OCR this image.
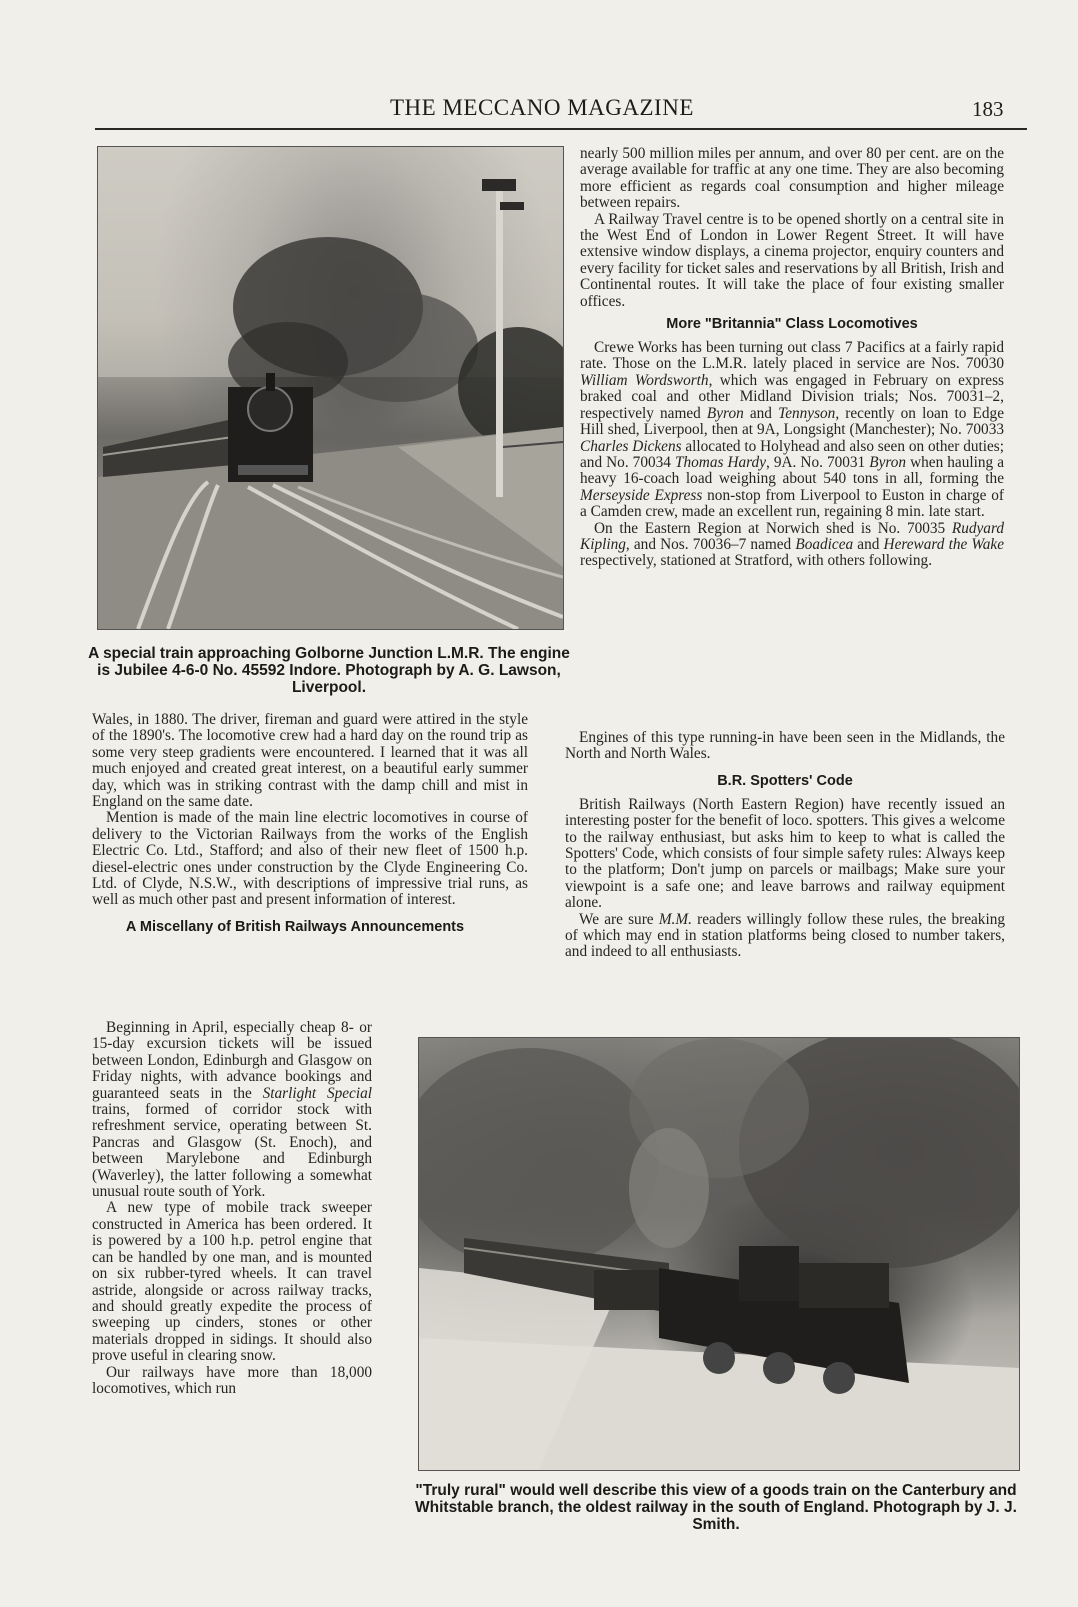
THE MECCANO MAGAZINE	183
A special train approaching Golborne Junction L.M.R. The engine is Jubilee 4-6-0 No. 45592 Indore. Photograph by A. G. Lawson, Liverpool.

Wales, in 1880. The driver, fireman and guard were attired in the style of the 1890's. The locomotive crew had a hard day on the round trip as some very steep gradients were encountered. I learned that it was all much enjoyed and created great interest, on a beautiful early summer day, which was in striking contrast with the damp chill and mist in England on the same date.

Mention is made of the main line electric locomotives in course of delivery to the Victorian Railways from the works of the English Electric Co. Ltd., Stafford; and also of their new fleet of 1500 h.p. diesel-electric ones under construction by the Clyde Engineering Co. Ltd. of Clyde, N.S.W., with descriptions of impressive trial runs, as well as much other past and present information of interest.

A Miscellany of British Railways Announcements

Beginning in April, especially cheap 8- or 15-day excursion tickets will be issued between London, Edinburgh and Glasgow on Friday nights, with advance bookings and guaranteed seats in the Starlight Special trains, formed of corridor stock with refreshment service, operating between St. Pancras and Glasgow (St. Enoch), and between Marylebone and Edinburgh (Waverley), the latter following a somewhat unusual route south of York.

A new type of mobile track sweeper constructed in America has been ordered. It is powered by a 100 h.p. petrol engine that can be handled by one man, and is mounted on six rubber-tyred wheels. It can travel astride, alongside or across railway tracks, and should greatly expedite the process of sweeping up cinders, stones or other materials dropped in sidings. It should also prove useful in clearing snow.

Our railways have more than 18,000 locomotives, which run

nearly 500 million miles per annum, and over 80 per cent. are on the average available for traffic at any one time. They are also becoming more efficient as regards coal consumption and higher mileage between repairs.

A Railway Travel centre is to be opened shortly on a central site in the West End of London in Lower Regent Street. It will have extensive window displays, a cinema projector, enquiry counters and every facility for ticket sales and reservations by all British, Irish and Continental routes. It will take the place of four existing smaller offices.

More "Britannia" Class Locomotives

Crewe Works has been turning out class 7 Pacifics at a fairly rapid rate. Those on the L.M.R. lately placed in service are Nos. 70030 William Wordsworth, which was engaged in February on express braked coal and other Midland Division trials; Nos. 70031–2, respectively named Byron and Tennyson, recently on loan to Edge Hill shed, Liverpool, then at 9A, Longsight (Manchester); No. 70033 Charles Dickens allocated to Holyhead and also seen on other duties; and No. 70034 Thomas Hardy, 9A. No. 70031 Byron when hauling a heavy 16-coach load weighing about 540 tons in all, forming the Merseyside Express non-stop from Liverpool to Euston in charge of a Camden crew, made an excellent run, regaining 8 min. late start.

On the Eastern Region at Norwich shed is No. 70035 Rudyard Kipling, and Nos. 70036–7 named Boadicea and Hereward the Wake respectively, stationed at Stratford, with others following.

Engines of this type running-in have been seen in the Midlands, the North and North Wales.

B.R. Spotters' Code

British Railways (North Eastern Region) have recently issued an interesting poster for the benefit of loco. spotters. This gives a welcome to the railway enthusiast, but asks him to keep to what is called the Spotters' Code, which consists of four simple safety rules: Always keep to the platform; Don't jump on parcels or mailbags; Make sure your viewpoint is a safe one; and leave barrows and railway equipment alone.

We are sure M.M. readers willingly follow these rules, the breaking of which may end in station platforms being closed to number takers, and indeed to all enthusiasts.

"Truly rural" would well describe this view of a goods train on the Canterbury and Whitstable branch, the oldest railway in the south of England. Photograph by J. J. Smith.
